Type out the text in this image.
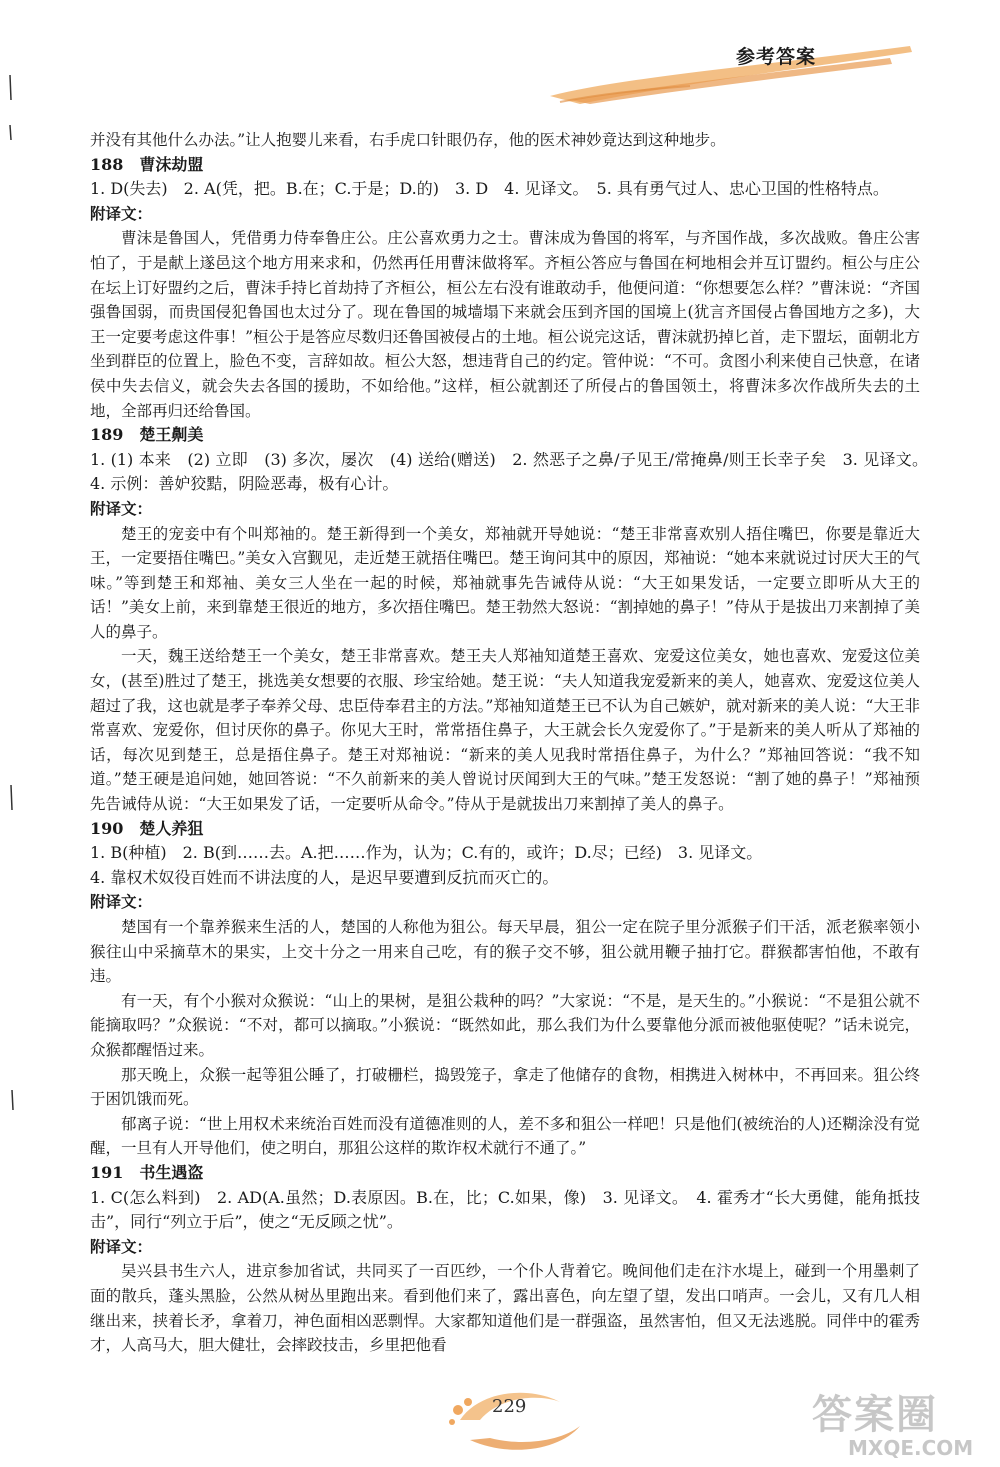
参考答案

并没有其他什么办法。”让人抱婴儿来看，右手虎口针眼仍存，他的医术神妙竟达到这种地步。

188　曹沫劫盟

1. D(失去)　2. A(凭，把。B.在；C.于是；D.的)　3. D　4. 见译文。　5. 具有勇气过人、忠心卫国的性格特点。

附译文：

曹沫是鲁国人，凭借勇力侍奉鲁庄公。庄公喜欢勇力之士。曹沫成为鲁国的将军，与齐国作战，多次战败。鲁庄公害怕了，于是献上遂邑这个地方用来求和，仍然再任用曹沫做将军。齐桓公答应与鲁国在柯地相会并互订盟约。桓公与庄公在坛上订好盟约之后，曹沫手持匕首劫持了齐桓公，桓公左右没有谁敢动手，他便问道：“你想要怎么样？”曹沫说：“齐国强鲁国弱，而贵国侵犯鲁国也太过分了。现在鲁国的城墙塌下来就会压到齐国的国境上(犹言齐国侵占鲁国地方之多)，大王一定要考虑这件事！”桓公于是答应尽数归还鲁国被侵占的土地。桓公说完这话，曹沫就扔掉匕首，走下盟坛，面朝北方坐到群臣的位置上，脸色不变，言辞如故。桓公大怒，想违背自己的约定。管仲说：“不可。贪图小利来使自己快意，在诸侯中失去信义，就会失去各国的援助，不如给他。”这样，桓公就割还了所侵占的鲁国领土，将曹沫多次作战所失去的土地，全部再归还给鲁国。

189　楚王劓美

1. (1) 本来　(2) 立即　(3) 多次，屡次　(4) 送给(赠送)　2. 然恶子之鼻/子见王/常掩鼻/则王长幸子矣　3. 见译文。　4. 示例：善妒狡黠，阴险恶毒，极有心计。

附译文：

楚王的宠妾中有个叫郑袖的。楚王新得到一个美女，郑袖就开导她说：“楚王非常喜欢别人捂住嘴巴，你要是靠近大王，一定要捂住嘴巴。”美女入宫觐见，走近楚王就捂住嘴巴。楚王询问其中的原因，郑袖说：“她本来就说过讨厌大王的气味。”等到楚王和郑袖、美女三人坐在一起的时候，郑袖就事先告诫侍从说：“大王如果发话，一定要立即听从大王的话！”美女上前，来到靠楚王很近的地方，多次捂住嘴巴。楚王勃然大怒说：“割掉她的鼻子！”侍从于是拔出刀来割掉了美人的鼻子。

一天，魏王送给楚王一个美女，楚王非常喜欢。楚王夫人郑袖知道楚王喜欢、宠爱这位美女，她也喜欢、宠爱这位美女，(甚至)胜过了楚王，挑选美女想要的衣服、珍宝给她。楚王说：“夫人知道我宠爱新来的美人，她喜欢、宠爱这位美人超过了我，这也就是孝子奉养父母、忠臣侍奉君主的方法。”郑袖知道楚王已不认为自己嫉妒，就对新来的美人说：“大王非常喜欢、宠爱你，但讨厌你的鼻子。你见大王时，常常捂住鼻子，大王就会长久宠爱你了。”于是新来的美人听从了郑袖的话，每次见到楚王，总是捂住鼻子。楚王对郑袖说：“新来的美人见我时常捂住鼻子，为什么？”郑袖回答说：“我不知道。”楚王硬是追问她，她回答说：“不久前新来的美人曾说讨厌闻到大王的气味。”楚王发怒说：“割了她的鼻子！”郑袖预先告诫侍从说：“大王如果发了话，一定要听从命令。”侍从于是就拔出刀来割掉了美人的鼻子。

190　楚人养狙

1. B(种植)　2. B(到……去。A.把……作为，认为；C.有的，或许；D.尽；已经)　3. 见译文。

4. 靠权术奴役百姓而不讲法度的人，是迟早要遭到反抗而灭亡的。

附译文：

楚国有一个靠养猴来生活的人，楚国的人称他为狙公。每天早晨，狙公一定在院子里分派猴子们干活，派老猴率领小猴往山中采摘草木的果实，上交十分之一用来自己吃，有的猴子交不够，狙公就用鞭子抽打它。群猴都害怕他，不敢有违。

有一天，有个小猴对众猴说：“山上的果树，是狙公栽种的吗？”大家说：“不是，是天生的。”小猴说：“不是狙公就不能摘取吗？”众猴说：“不对，都可以摘取。”小猴说：“既然如此，那么我们为什么要靠他分派而被他驱使呢？”话未说完，众猴都醒悟过来。

那天晚上，众猴一起等狙公睡了，打破栅栏，捣毁笼子，拿走了他储存的食物，相携进入树林中，不再回来。狙公终于困饥饿而死。

郁离子说：“世上用权术来统治百姓而没有道德准则的人，差不多和狙公一样吧！只是他们(被统治的人)还糊涂没有觉醒，一旦有人开导他们，使之明白，那狙公这样的欺诈权术就行不通了。”

191　书生遇盗

1. C(怎么料到)　2. AD(A.虽然；D.表原因。B.在，比；C.如果，像)　3. 见译文。　4. 霍秀才“长大勇健，能角抵技击”，同行“列立于后”，使之“无反顾之忧”。

附译文：

吴兴县书生六人，进京参加省试，共同买了一百匹纱，一个仆人背着它。晚间他们走在汴水堤上，碰到一个用墨刺了面的散兵，蓬头黑脸，公然从树丛里跑出来。看到他们来了，露出喜色，向左望了望，发出口哨声。一会儿，又有几人相继出来，挟着长矛，拿着刀，神色面相凶恶剽悍。大家都知道他们是一群强盗，虽然害怕，但又无法逃脱。同伴中的霍秀才，人高马大，胆大健壮，会摔跤技击，乡里把他看

229	答案圈
MXQE.COM
